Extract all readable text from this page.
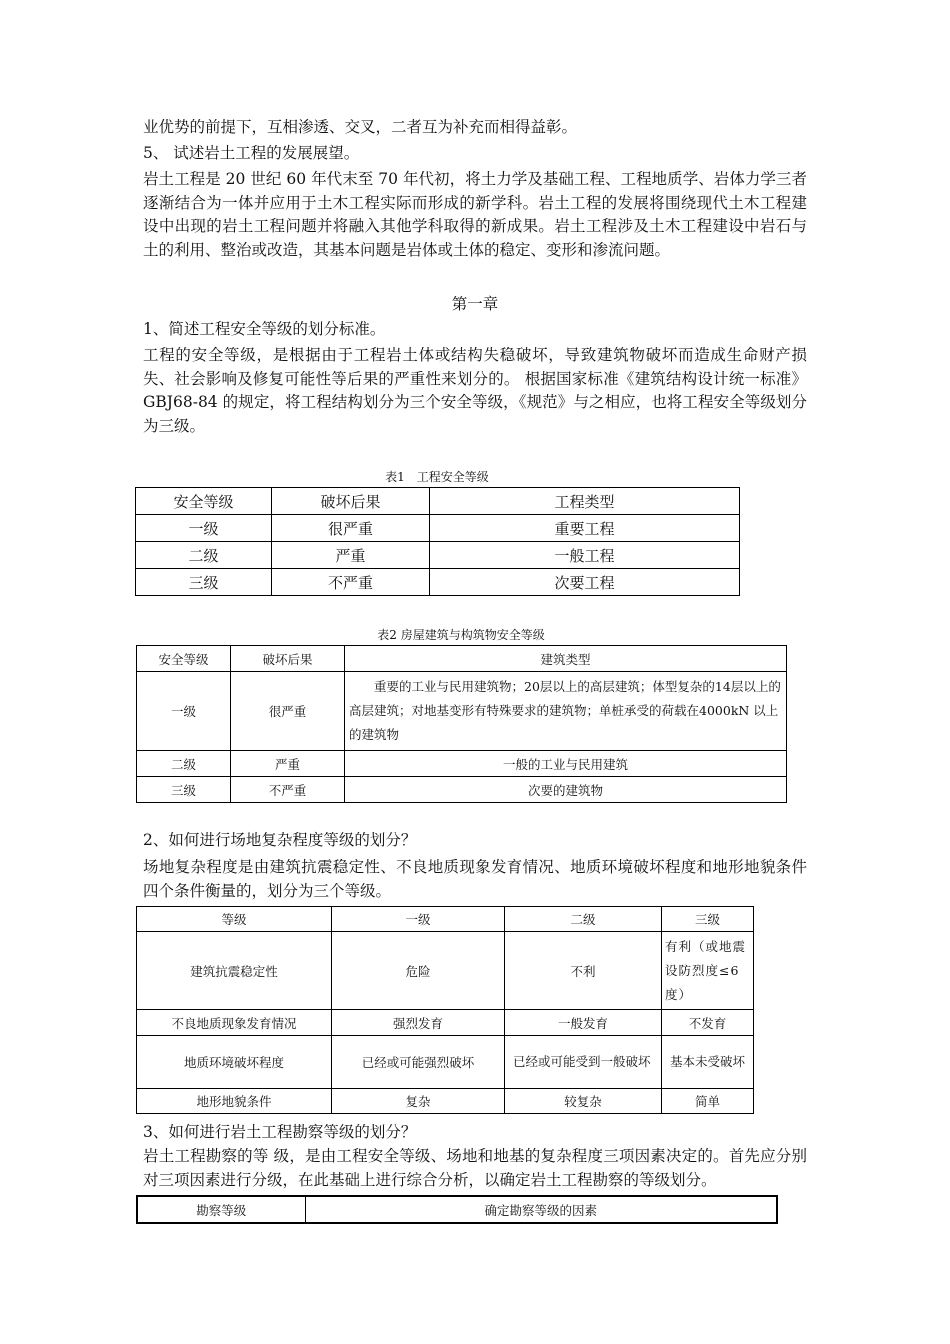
业优势的前提下，互相渗透、交叉，二者互为补充而相得益彰。
5、 试述岩土工程的发展展望。
岩土工程是 20 世纪 60 年代末至 70 年代初，将土力学及基础工程、工程地质学、岩体力学三者逐渐结合为一体并应用于土木工程实际而形成的新学科。岩土工程的发展将围绕现代土木工程建设中出现的岩土工程问题并将融入其他学科取得的新成果。岩土工程涉及土木工程建设中岩石与土的利用、整治或改造，其基本问题是岩体或土体的稳定、变形和渗流问题。
第一章
1、简述工程安全等级的划分标准。
工程的安全等级，是根据由于工程岩土体或结构失稳破坏，导致建筑物破坏而造成生命财产损失、社会影响及修复可能性等后果的严重性来划分的。 根据国家标准《建筑结构设计统一标准》GBJ68-84 的规定，将工程结构划分为三个安全等级，《规范》与之相应，也将工程安全等级划分为三级。
表1　工程安全等级
安全等级	破坏后果	工程类型
一级	很严重	重要工程
二级	严重	一般工程
三级	不严重	次要工程
表2 房屋建筑与构筑物安全等级
安全等级	破坏后果	建筑类型
一级	很严重	重要的工业与民用建筑物；20层以上的高层建筑；体型复杂的14层以上的高层建筑；对地基变形有特殊要求的建筑物；单桩承受的荷载在4000kN 以上的建筑物
二级	严重	一般的工业与民用建筑
三级	不严重	次要的建筑物
2、如何进行场地复杂程度等级的划分？
场地复杂程度是由建筑抗震稳定性、不良地质现象发育情况、地质环境破坏程度和地形地貌条件四个条件衡量的，划分为三个等级。
等级	一级	二级	三级
建筑抗震稳定性	危险	不利	有利（或地震设防烈度≤6度）
不良地质现象发育情况	强烈发育	一般发育	不发育
地质环境破坏程度	已经或可能强烈破坏	已经或可能受到一般破坏	基本未受破坏
地形地貌条件	复杂	较复杂	简单
3、如何进行岩土工程勘察等级的划分？
岩土工程勘察的等 级，是由工程安全等级、场地和地基的复杂程度三项因素决定的。首先应分别对三项因素进行分级，在此基础上进行综合分析，以确定岩土工程勘察的等级划分。
勘察等级	确定勘察等级的因素
